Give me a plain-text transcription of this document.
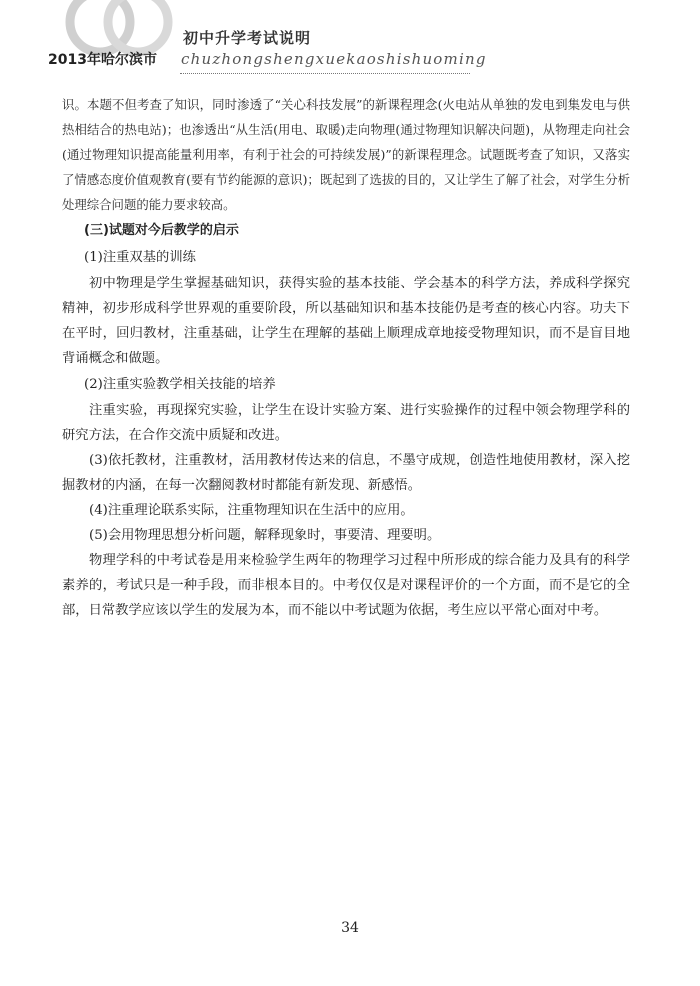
初中升学考试说明
2013年哈尔滨市 chuzhongshengxuekaoshishuoming

识。本题不但考查了知识，同时渗透了“关心科技发展”的新课程理念(火电站从单独的发电到集发电与供热相结合的热电站)；也渗透出“从生活(用电、取暖)走向物理(通过物理知识解决问题)，从物理走向社会(通过物理知识提高能量利用率，有利于社会的可持续发展)”的新课程理念。试题既考查了知识，又落实了情感态度价值观教育(要有节约能源的意识)；既起到了选拔的目的，又让学生了解了社会，对学生分析处理综合问题的能力要求较高。

(三)试题对今后教学的启示

(1)注重双基的训练

初中物理是学生掌握基础知识，获得实验的基本技能、学会基本的科学方法，养成科学探究精神，初步形成科学世界观的重要阶段，所以基础知识和基本技能仍是考查的核心内容。功夫下在平时，回归教材，注重基础，让学生在理解的基础上顺理成章地接受物理知识，而不是盲目地背诵概念和做题。

(2)注重实验教学相关技能的培养

注重实验，再现探究实验，让学生在设计实验方案、进行实验操作的过程中领会物理学科的研究方法，在合作交流中质疑和改进。

(3)依托教材，注重教材，活用教材传达来的信息，不墨守成规，创造性地使用教材，深入挖掘教材的内涵，在每一次翻阅教材时都能有新发现、新感悟。

(4)注重理论联系实际，注重物理知识在生活中的应用。

(5)会用物理思想分析问题，解释现象时，事要清、理要明。

物理学科的中考试卷是用来检验学生两年的物理学习过程中所形成的综合能力及具有的科学素养的，考试只是一种手段，而非根本目的。中考仅仅是对课程评价的一个方面，而不是它的全部，日常教学应该以学生的发展为本，而不能以中考试题为依据，考生应以平常心面对中考。

34
